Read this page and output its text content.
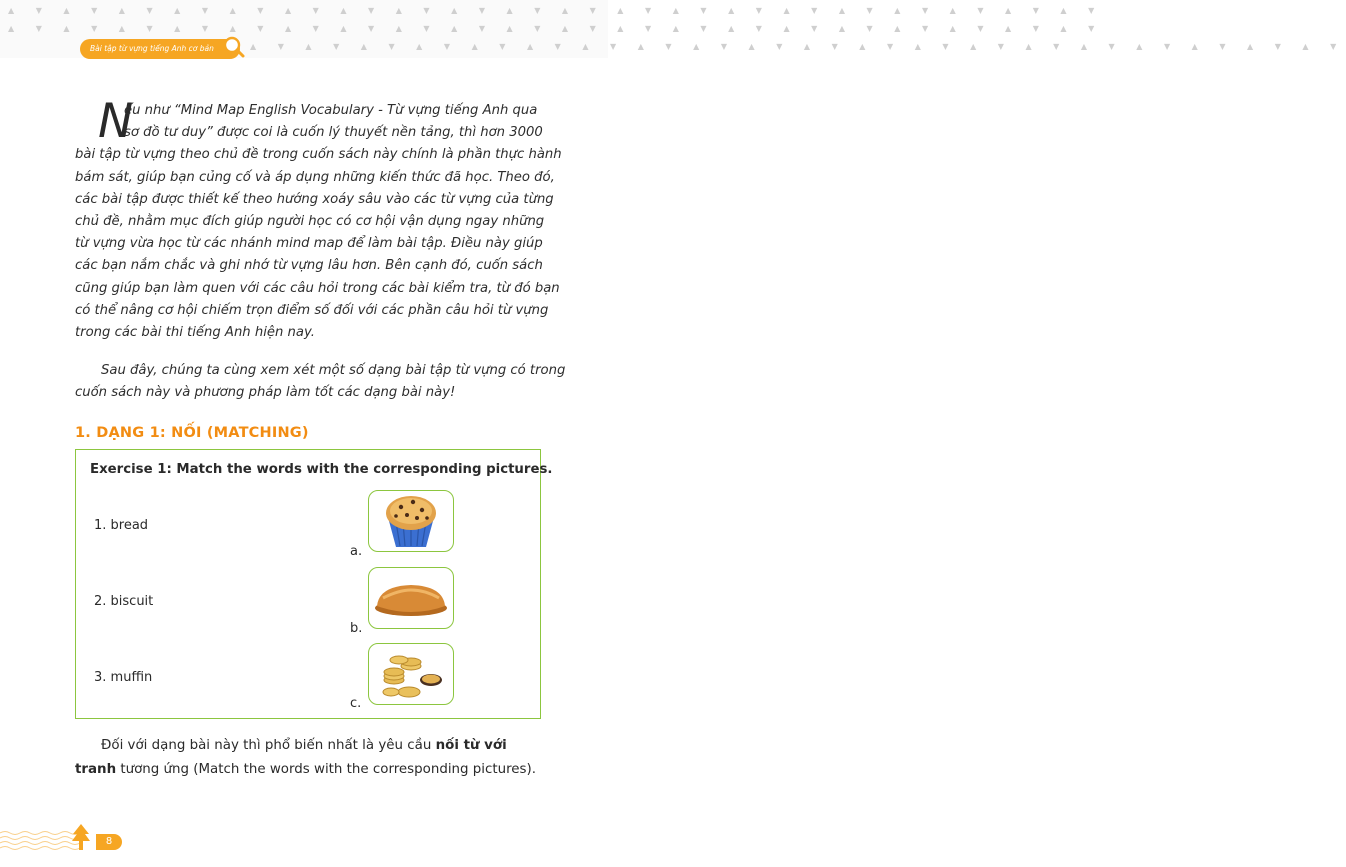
▲ ▼ ▲ ▼ ▲ ▼ ▲ ▼ ▲ ▼ ▲ ▼ ▲ ▼ ▲ ▼ ▲ ▼ ▲ ▼ ▲ ▼ ▲ ▼ ▲ ▼ ▲ ▼ ▲ ▼ ▲ ▼ ▲ ▼ ▲ ▼ ▲ ▼ ▲ ▼
▲ ▼ ▲ ▼ ▲ ▼ ▲ ▼ ▲ ▼ ▲ ▼ ▲ ▼ ▲ ▼ ▲ ▼ ▲ ▼ ▲ ▼ ▲ ▼ ▲ ▼ ▲ ▼ ▲ ▼ ▲ ▼ ▲ ▼ ▲ ▼ ▲ ▼ ▲ ▼
▲ ▼ ▲ ▼ ▲ ▼ ▲ ▼ ▲ ▼ ▲ ▼ ▲ ▼ ▲ ▼ ▲ ▼ ▲ ▼ ▲ ▼ ▲ ▼ ▲ ▼ ▲ ▼ ▲ ▼ ▲ ▼ ▲ ▼ ▲ ▼ ▲ ▼ ▲ ▼
Bài tập từ vựng tiếng Anh cơ bản
N

ếu như “Mind Map English Vocabulary - Từ vựng tiếng Anh qua
sơ đồ tư duy” được coi là cuốn lý thuyết nền tảng, thì hơn 3000
bài tập từ vựng theo chủ đề trong cuốn sách này chính là phần thực hành
bám sát, giúp bạn củng cố và áp dụng những kiến thức đã học. Theo đó,
các bài tập được thiết kế theo hướng xoáy sâu vào các từ vựng của từng
chủ đề, nhằm mục đích giúp người học có cơ hội vận dụng ngay những
từ vựng vừa học từ các nhánh mind map để làm bài tập. Điều này giúp
các bạn nắm chắc và ghi nhớ từ vựng lâu hơn. Bên cạnh đó, cuốn sách
cũng giúp bạn làm quen với các câu hỏi trong các bài kiểm tra, từ đó bạn
có thể nâng cơ hội chiếm trọn điểm số đối với các phần câu hỏi từ vựng
trong các bài thi tiếng Anh hiện nay.

Sau đây, chúng ta cùng xem xét một số dạng bài tập từ vựng có trong
cuốn sách này và phương pháp làm tốt các dạng bài này!

1. DẠNG 1: NỐI (MATCHING)
Exercise 1: Match the words with the corresponding pictures.
1. bread
2. biscuit
3. muffin
a.
b.
c.
Đối với dạng bài này thì phổ biến nhất là yêu cầu nối từ với tranh tương ứng (Match the words with the corresponding pictures).
8
